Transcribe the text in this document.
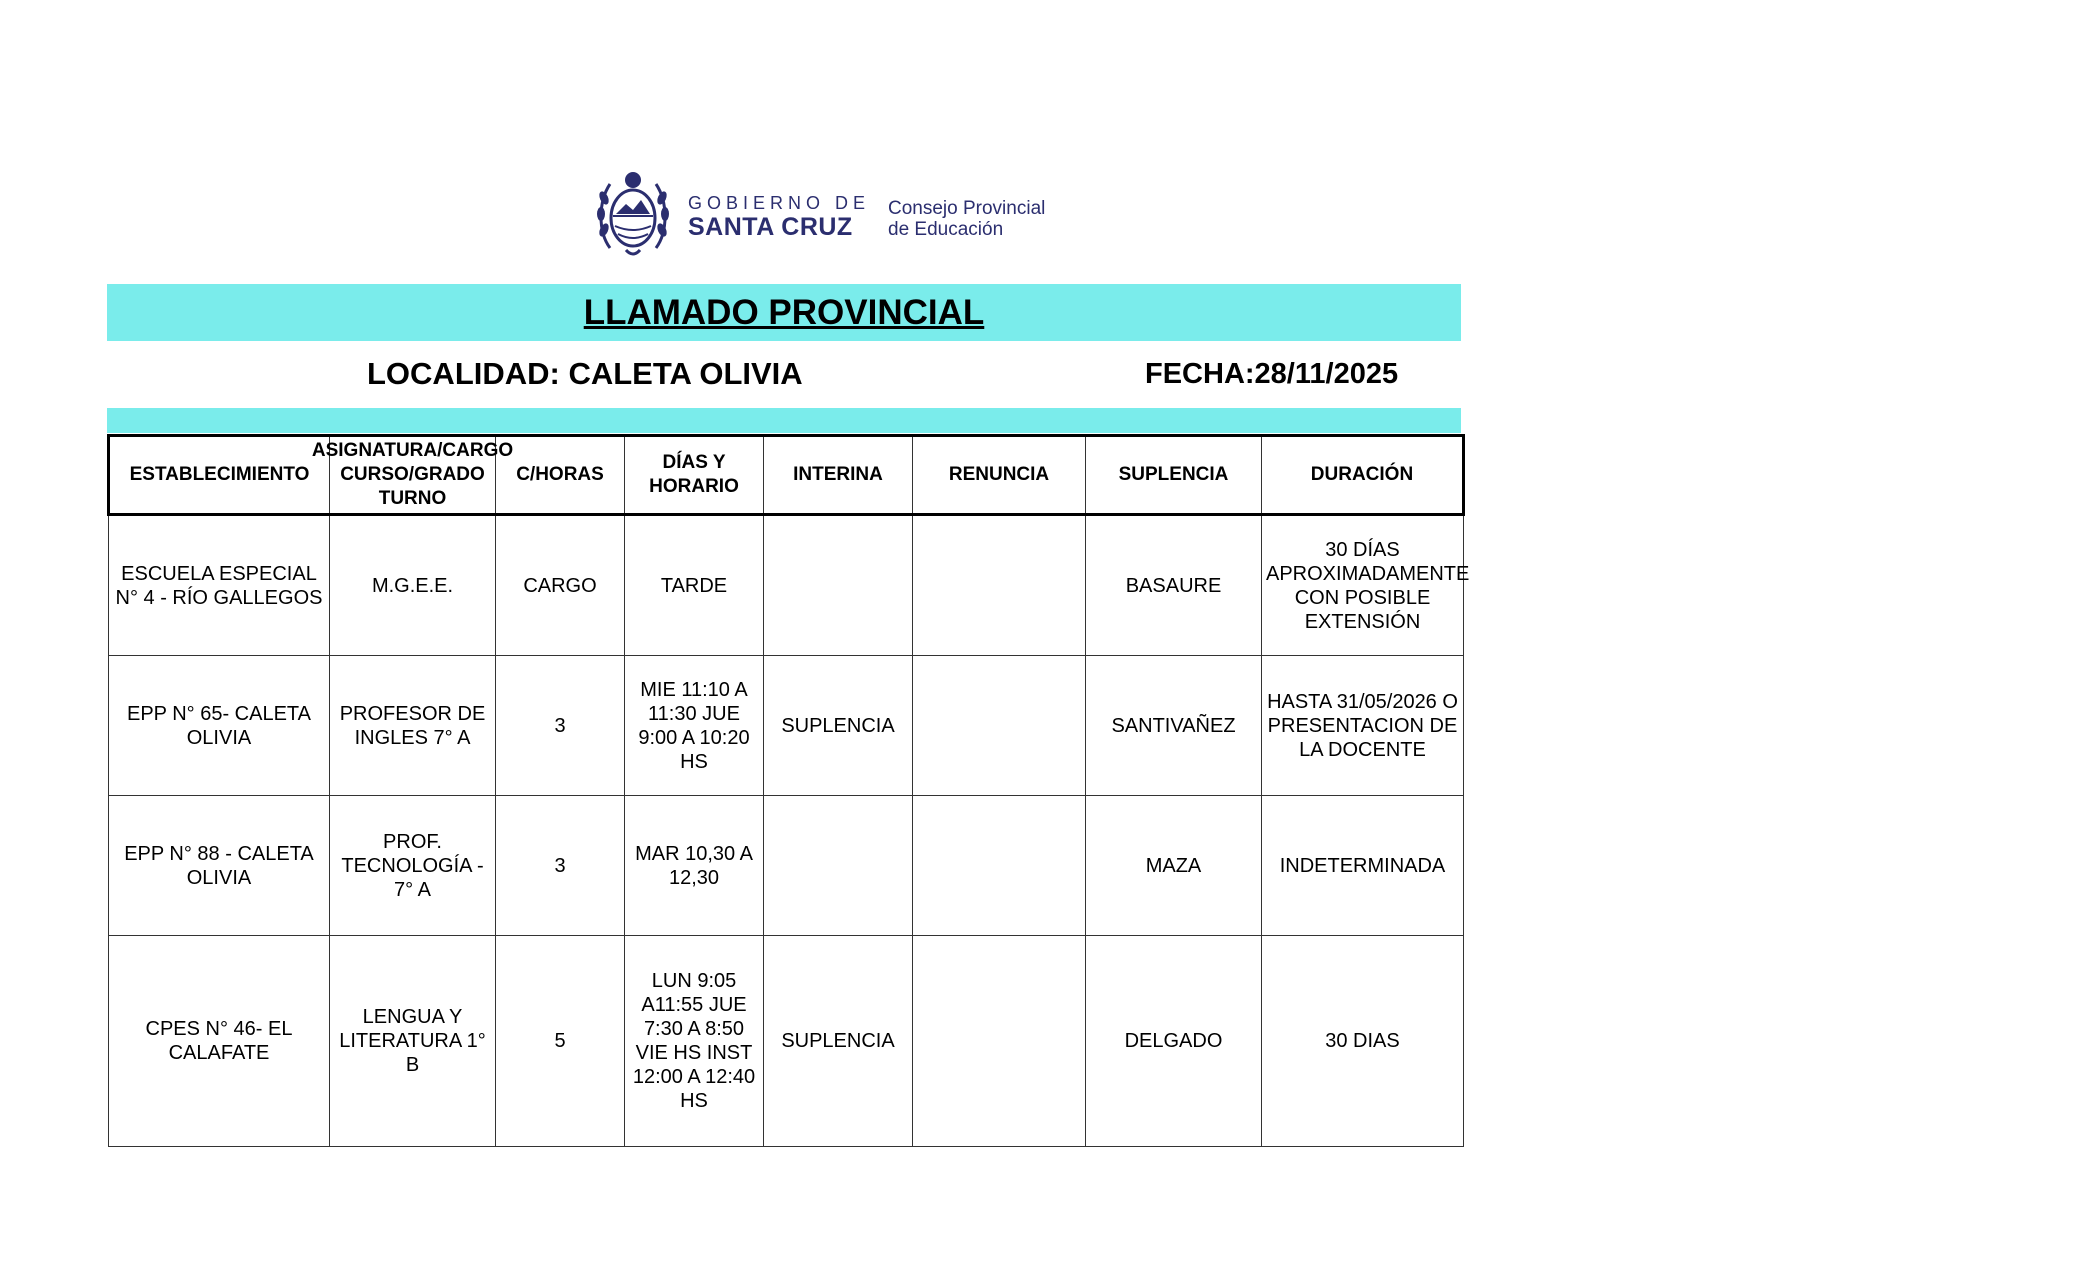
GOBIERNO DE
SANTA CRUZ
Consejo Provincial
de Educación
LLAMADO PROVINCIAL
LOCALIDAD: CALETA OLIVIA	FECHA:28/11/2025
ESTABLECIMIENTO	ASIGNATURA/CARGO CURSO/GRADO TURNO	C/HORAS	DÍAS Y HORARIO	INTERINA	RENUNCIA	SUPLENCIA	DURACIÓN
ESCUELA ESPECIAL N° 4 - RÍO GALLEGOS	M.G.E.E.	CARGO	TARDE			BASAURE	30 DÍAS APROXIMADAMENTE CON POSIBLE EXTENSIÓN
EPP N° 65- CALETA OLIVIA	PROFESOR DE INGLES 7° A	3	MIE 11:10 A 11:30 JUE 9:00 A 10:20 HS	SUPLENCIA		SANTIVAÑEZ	HASTA 31/05/2026 O PRESENTACION DE LA DOCENTE
EPP N° 88 - CALETA OLIVIA	PROF. TECNOLOGÍA - 7° A	3	MAR 10,30 A 12,30			MAZA	INDETERMINADA
CPES N° 46- EL CALAFATE	LENGUA Y LITERATURA 1° B	5	LUN 9:05 A11:55 JUE 7:30 A 8:50 VIE HS INST 12:00 A 12:40 HS	SUPLENCIA		DELGADO	30 DIAS
